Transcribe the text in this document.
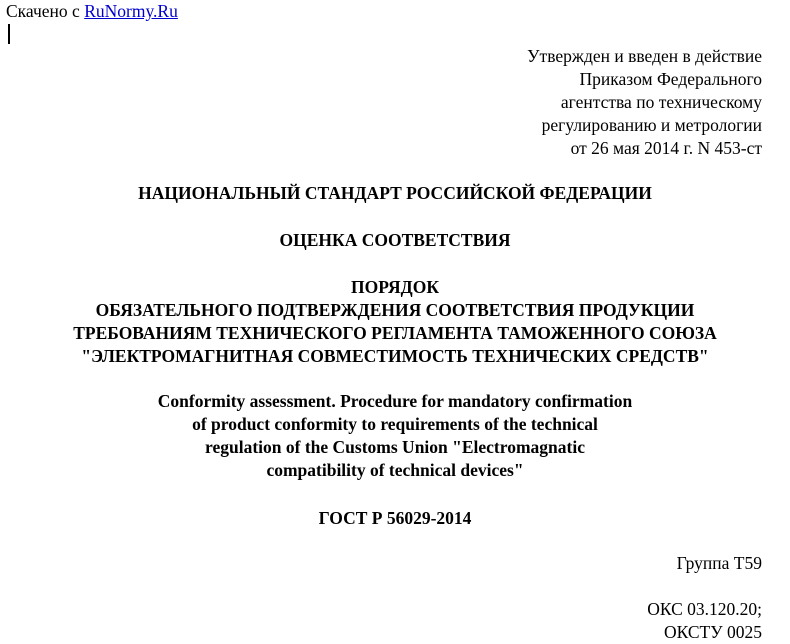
Скачено с RuNormy.Ru
Утвержден и введен в действие
Приказом Федерального
агентства по техническому
регулированию и метрологии
от 26 мая 2014 г. N 453-ст
НАЦИОНАЛЬНЫЙ СТАНДАРТ РОССИЙСКОЙ ФЕДЕРАЦИИ
ОЦЕНКА СООТВЕТСТВИЯ
ПОРЯДОК
ОБЯЗАТЕЛЬНОГО ПОДТВЕРЖДЕНИЯ СООТВЕТСТВИЯ ПРОДУКЦИИ
ТРЕБОВАНИЯМ ТЕХНИЧЕСКОГО РЕГЛАМЕНТА ТАМОЖЕННОГО СОЮЗА
"ЭЛЕКТРОМАГНИТНАЯ СОВМЕСТИМОСТЬ ТЕХНИЧЕСКИХ СРЕДСТВ"
Conformity assessment. Procedure for mandatory confirmation
of product conformity to requirements of the technical
regulation of the Customs Union "Electromagnatic
compatibility of technical devices"
ГОСТ Р 56029-2014
Группа Т59
ОКС 03.120.20;
ОКСТУ 0025
